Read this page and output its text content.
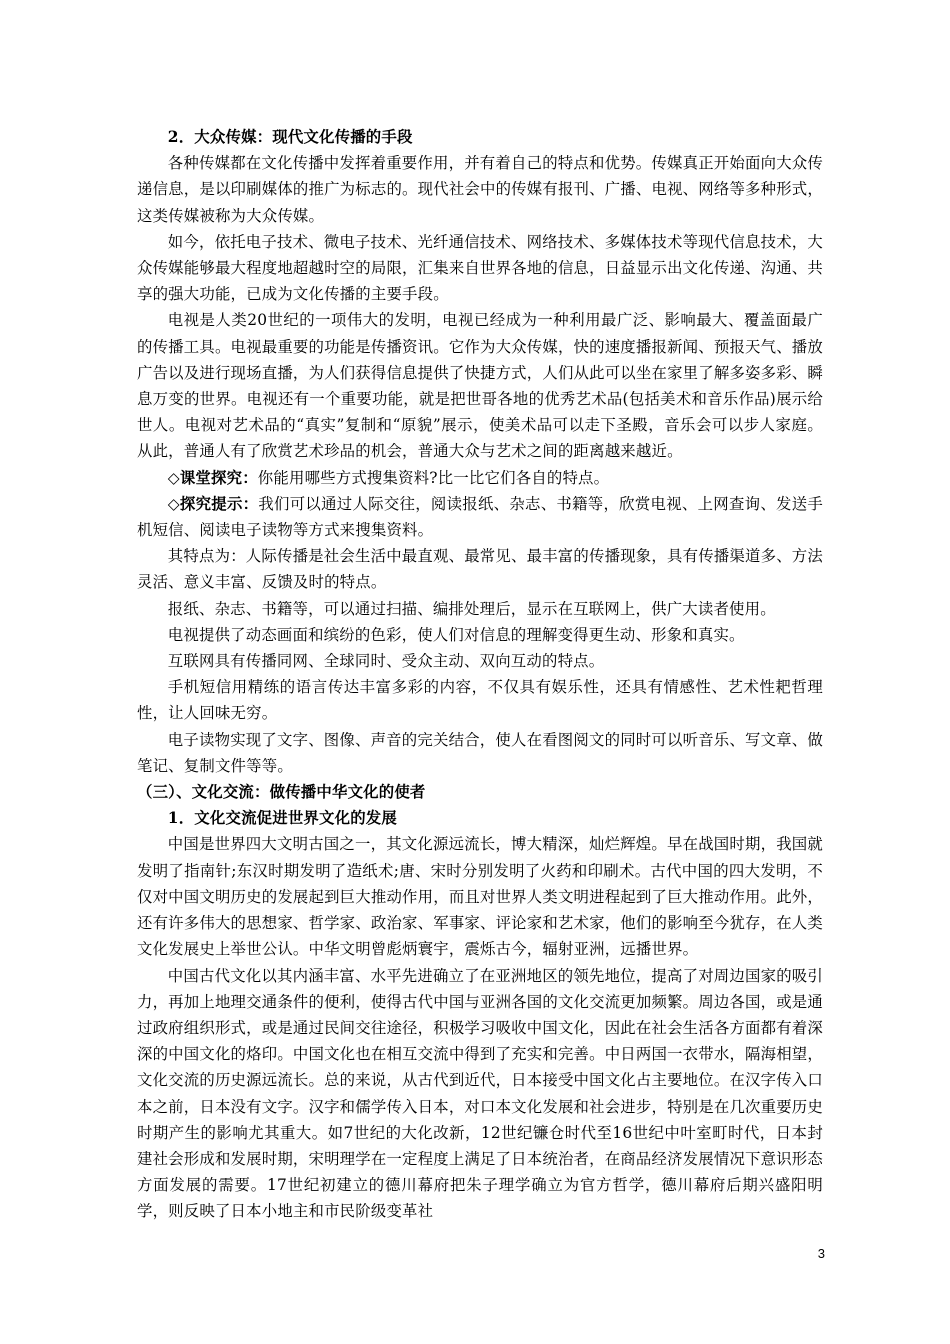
2．大众传媒：现代文化传播的手段

各种传媒都在文化传播中发挥着重要作用，并有着自己的特点和优势。传媒真正开始面向大众传递信息，是以印刷媒体的推广为标志的。现代社会中的传媒有报刊、广播、电视、网络等多种形式，这类传媒被称为大众传媒。

如今，依托电子技术、微电子技术、光纤通信技术、网络技术、多媒体技术等现代信息技术，大众传媒能够最大程度地超越时空的局限，汇集来自世界各地的信息，日益显示出文化传递、沟通、共享的强大功能，已成为文化传播的主要手段。

电视是人类20世纪的一项伟大的发明，电视已经成为一种利用最广泛、影响最大、覆盖面最广的传播工具。电视最重要的功能是传播资讯。它作为大众传媒，快的速度播报新闻、预报天气、播放广告以及进行现场直播，为人们获得信息提供了快捷方式，人们从此可以坐在家里了解多姿多彩、瞬息万变的世界。电视还有一个重要功能，就是把世哥各地的优秀艺术品(包括美术和音乐作品)展示给世人。电视对艺术品的“真实”复制和“原貌”展示，使美术品可以走下圣殿，音乐会可以步人家庭。从此，普通人有了欣赏艺术珍品的机会，普通大众与艺术之间的距离越来越近。

◇课堂探究：你能用哪些方式搜集资料?比一比它们各自的特点。

◇探究提示：我们可以通过人际交往，阅读报纸、杂志、书籍等，欣赏电视、上网查询、发送手机短信、阅读电子读物等方式来搜集资料。

其特点为：人际传播是社会生活中最直观、最常见、最丰富的传播现象，具有传播渠道多、方法灵活、意义丰富、反馈及时的特点。

报纸、杂志、书籍等，可以通过扫描、编排处理后，显示在互联网上，供广大读者使用。

电视提供了动态画面和缤纷的色彩，使人们对信息的理解变得更生动、形象和真实。

互联网具有传播同网、全球同时、受众主动、双向互动的特点。

手机短信用精练的语言传达丰富多彩的内容，不仅具有娱乐性，还具有情感性、艺术性耙哲理性，让人回味无穷。

电子读物实现了文字、图像、声音的完关结合，使人在看图阅文的同时可以听音乐、写文章、做笔记、复制文件等等。

（三）、文化交流：做传播中华文化的使者

1．文化交流促进世界文化的发展

中国是世界四大文明古国之一，其文化源远流长，博大精深，灿烂辉煌。早在战国时期，我国就发明了指南针;东汉时期发明了造纸术;唐、宋时分别发明了火药和印刷术。古代中国的四大发明，不仅对中国文明历史的发展起到巨大推动作用，而且对世界人类文明进程起到了巨大推动作用。此外，还有许多伟大的思想家、哲学家、政治家、军事家、评论家和艺术家，他们的影响至今犹存，在人类文化发展史上举世公认。中华文明曾彪炳寰宇，震烁古今，辐射亚洲，远播世界。

中国古代文化以其内涵丰富、水平先进确立了在亚洲地区的领先地位，提高了对周边国家的吸引力，再加上地理交通条件的便利，使得古代中国与亚洲各国的文化交流更加频繁。周边各国，或是通过政府组织形式，或是通过民间交往途径，积极学习吸收中国文化，因此在社会生活各方面都有着深深的中国文化的烙印。中国文化也在相互交流中得到了充实和完善。中日两国一衣带水，隔海相望，文化交流的历史源远流长。总的来说，从古代到近代，日本接受中国文化占主要地位。在汉字传入口本之前，日本没有文字。汉字和儒学传入日本，对口本文化发展和社会进步，特别是在几次重要历史时期产生的影响尤其重大。如7世纪的大化改新，12世纪镰仓时代至16世纪中叶室町时代，日本封建社会形成和发展时期，宋明理学在一定程度上满足了日本统治者，在商品经济发展情况下意识形态方面发展的需要。17世纪初建立的德川幕府把朱子理学确立为官方哲学，德川幕府后期兴盛阳明学，则反映了日本小地主和市民阶级变革社

3
